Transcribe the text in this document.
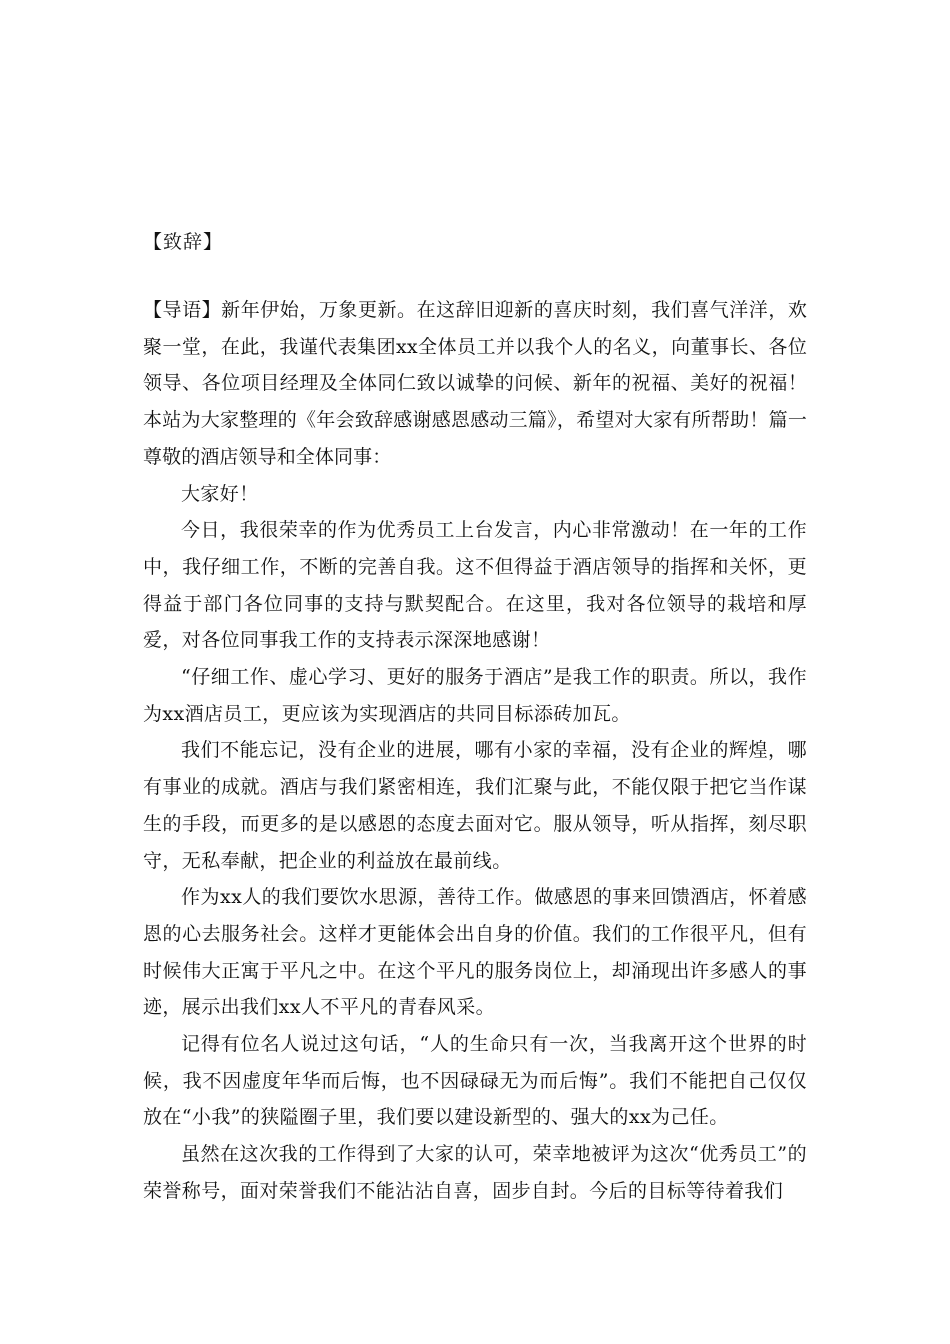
【致辞】

【导语】新年伊始，万象更新。在这辞旧迎新的喜庆时刻，我们喜气洋洋，欢聚一堂，在此，我谨代表集团xx全体员工并以我个人的名义，向董事长、各位领导、各位项目经理及全体同仁致以诚挚的问候、新年的祝福、美好的祝福！本站为大家整理的《年会致辞感谢感恩感动三篇》，希望对大家有所帮助！篇一　　尊敬的酒店领导和全体同事：

大家好！

今日，我很荣幸的作为优秀员工上台发言，内心非常激动！在一年的工作中，我仔细工作，不断的完善自我。这不但得益于酒店领导的指挥和关怀，更得益于部门各位同事的支持与默契配合。在这里，我对各位领导的栽培和厚爱，对各位同事我工作的支持表示深深地感谢！

“仔细工作、虚心学习、更好的服务于酒店”是我工作的职责。所以，我作为xx酒店员工，更应该为实现酒店的共同目标添砖加瓦。

我们不能忘记，没有企业的进展，哪有小家的幸福，没有企业的辉煌，哪有事业的成就。酒店与我们紧密相连，我们汇聚与此，不能仅限于把它当作谋生的手段，而更多的是以感恩的态度去面对它。服从领导，听从指挥，刻尽职守，无私奉献，把企业的利益放在最前线。

作为xx人的我们要饮水思源，善待工作。做感恩的事来回馈酒店，怀着感恩的心去服务社会。这样才更能体会出自身的价值。我们的工作很平凡，但有时候伟大正寓于平凡之中。在这个平凡的服务岗位上，却涌现出许多感人的事迹，展示出我们xx人不平凡的青春风采。

记得有位名人说过这句话，“人的生命只有一次，当我离开这个世界的时候，我不因虚度年华而后悔，也不因碌碌无为而后悔”。我们不能把自己仅仅放在“小我”的狭隘圈子里，我们要以建设新型的、强大的xx为己任。

虽然在这次我的工作得到了大家的认可，荣幸地被评为这次“优秀员工”的荣誉称号，面对荣誉我们不能沾沾自喜，固步自封。今后的目标等待着我们
